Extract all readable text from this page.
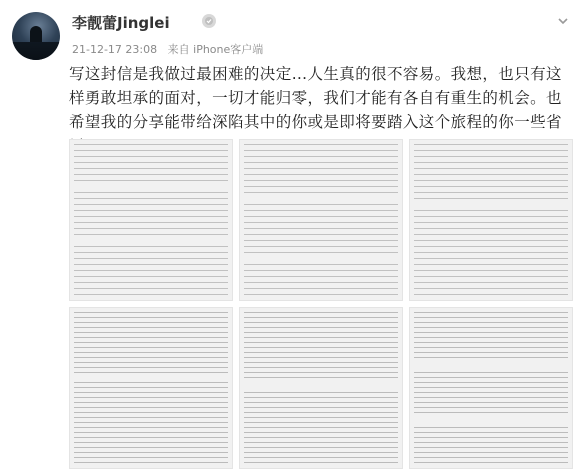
李靓蕾Jinglei
21-12-17 23:08 来自 iPhone客户端
写这封信是我做过最困难的决定…人生真的很不容易。我想，也只有这样勇敢坦承的面对，一切才能归零，我们才能有各自有重生的机会。也希望我的分享能带给深陷其中的你或是即将要踏入这个旅程的你一些省
